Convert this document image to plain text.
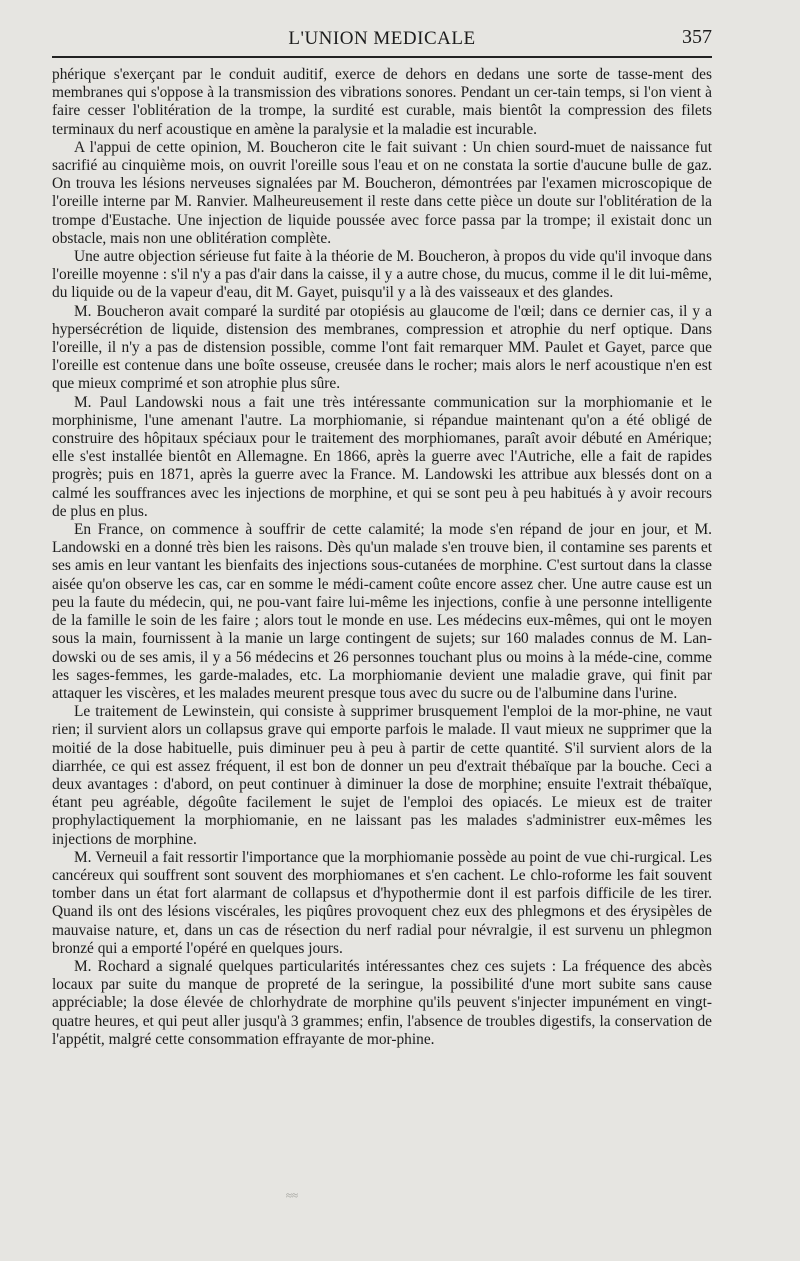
L'UNION MEDICALE	357

phérique s'exerçant par le conduit auditif, exerce de dehors en dedans une sorte de tasse-ment des membranes qui s'oppose à la transmission des vibrations sonores. Pendant un cer-tain temps, si l'on vient à faire cesser l'oblitération de la trompe, la surdité est curable, mais bientôt la compression des filets terminaux du nerf acoustique en amène la paralysie et la maladie est incurable.

A l'appui de cette opinion, M. Boucheron cite le fait suivant : Un chien sourd-muet de naissance fut sacrifié au cinquième mois, on ouvrit l'oreille sous l'eau et on ne constata la sortie d'aucune bulle de gaz. On trouva les lésions nerveuses signalées par M. Boucheron, démontrées par l'examen microscopique de l'oreille interne par M. Ranvier. Malheureusement il reste dans cette pièce un doute sur l'oblitération de la trompe d'Eustache. Une injection de liquide poussée avec force passa par la trompe; il existait donc un obstacle, mais non une oblitération complète.

Une autre objection sérieuse fut faite à la théorie de M. Boucheron, à propos du vide qu'il invoque dans l'oreille moyenne : s'il n'y a pas d'air dans la caisse, il y a autre chose, du mucus, comme il le dit lui-même, du liquide ou de la vapeur d'eau, dit M. Gayet, puisqu'il y a là des vaisseaux et des glandes.

M. Boucheron avait comparé la surdité par otopiésis au glaucome de l'œil; dans ce dernier cas, il y a hypersécrétion de liquide, distension des membranes, compression et atrophie du nerf optique. Dans l'oreille, il n'y a pas de distension possible, comme l'ont fait remarquer MM. Paulet et Gayet, parce que l'oreille est contenue dans une boîte osseuse, creusée dans le rocher; mais alors le nerf acoustique n'en est que mieux comprimé et son atrophie plus sûre.

M. Paul Landowski nous a fait une très intéressante communication sur la morphiomanie et le morphinisme, l'une amenant l'autre. La morphiomanie, si répandue maintenant qu'on a été obligé de construire des hôpitaux spéciaux pour le traitement des morphiomanes, paraît avoir débuté en Amérique; elle s'est installée bientôt en Allemagne. En 1866, après la guerre avec l'Autriche, elle a fait de rapides progrès; puis en 1871, après la guerre avec la France. M. Landowski les attribue aux blessés dont on a calmé les souffrances avec les injections de morphine, et qui se sont peu à peu habitués à y avoir recours de plus en plus.

En France, on commence à souffrir de cette calamité; la mode s'en répand de jour en jour, et M. Landowski en a donné très bien les raisons. Dès qu'un malade s'en trouve bien, il contamine ses parents et ses amis en leur vantant les bienfaits des injections sous-cutanées de morphine. C'est surtout dans la classe aisée qu'on observe les cas, car en somme le médi-cament coûte encore assez cher. Une autre cause est un peu la faute du médecin, qui, ne pou-vant faire lui-même les injections, confie à une personne intelligente de la famille le soin de les faire ; alors tout le monde en use. Les médecins eux-mêmes, qui ont le moyen sous la main, fournissent à la manie un large contingent de sujets; sur 160 malades connus de M. Lan-dowski ou de ses amis, il y a 56 médecins et 26 personnes touchant plus ou moins à la méde-cine, comme les sages-femmes, les garde-malades, etc. La morphiomanie devient une maladie grave, qui finit par attaquer les viscères, et les malades meurent presque tous avec du sucre ou de l'albumine dans l'urine.

Le traitement de Lewinstein, qui consiste à supprimer brusquement l'emploi de la mor-phine, ne vaut rien; il survient alors un collapsus grave qui emporte parfois le malade. Il vaut mieux ne supprimer que la moitié de la dose habituelle, puis diminuer peu à peu à partir de cette quantité. S'il survient alors de la diarrhée, ce qui est assez fréquent, il est bon de donner un peu d'extrait thébaïque par la bouche. Ceci a deux avantages : d'abord, on peut continuer à diminuer la dose de morphine; ensuite l'extrait thébaïque, étant peu agréable, dégoûte facilement le sujet de l'emploi des opiacés. Le mieux est de traiter prophylactiquement la morphiomanie, en ne laissant pas les malades s'administrer eux-mêmes les injections de morphine.

M. Verneuil a fait ressortir l'importance que la morphiomanie possède au point de vue chi-rurgical. Les cancéreux qui souffrent sont souvent des morphiomanes et s'en cachent. Le chlo-roforme les fait souvent tomber dans un état fort alarmant de collapsus et d'hypothermie dont il est parfois difficile de les tirer. Quand ils ont des lésions viscérales, les piqûres provoquent chez eux des phlegmons et des érysipèles de mauvaise nature, et, dans un cas de résection du nerf radial pour névralgie, il est survenu un phlegmon bronzé qui a emporté l'opéré en quelques jours.

M. Rochard a signalé quelques particularités intéressantes chez ces sujets : La fréquence des abcès locaux par suite du manque de propreté de la seringue, la possibilité d'une mort subite sans cause appréciable; la dose élevée de chlorhydrate de morphine qu'ils peuvent s'injecter impunément en vingt-quatre heures, et qui peut aller jusqu'à 3 grammes; enfin, l'absence de troubles digestifs, la conservation de l'appétit, malgré cette consommation effrayante de mor-phine.

≈≈
